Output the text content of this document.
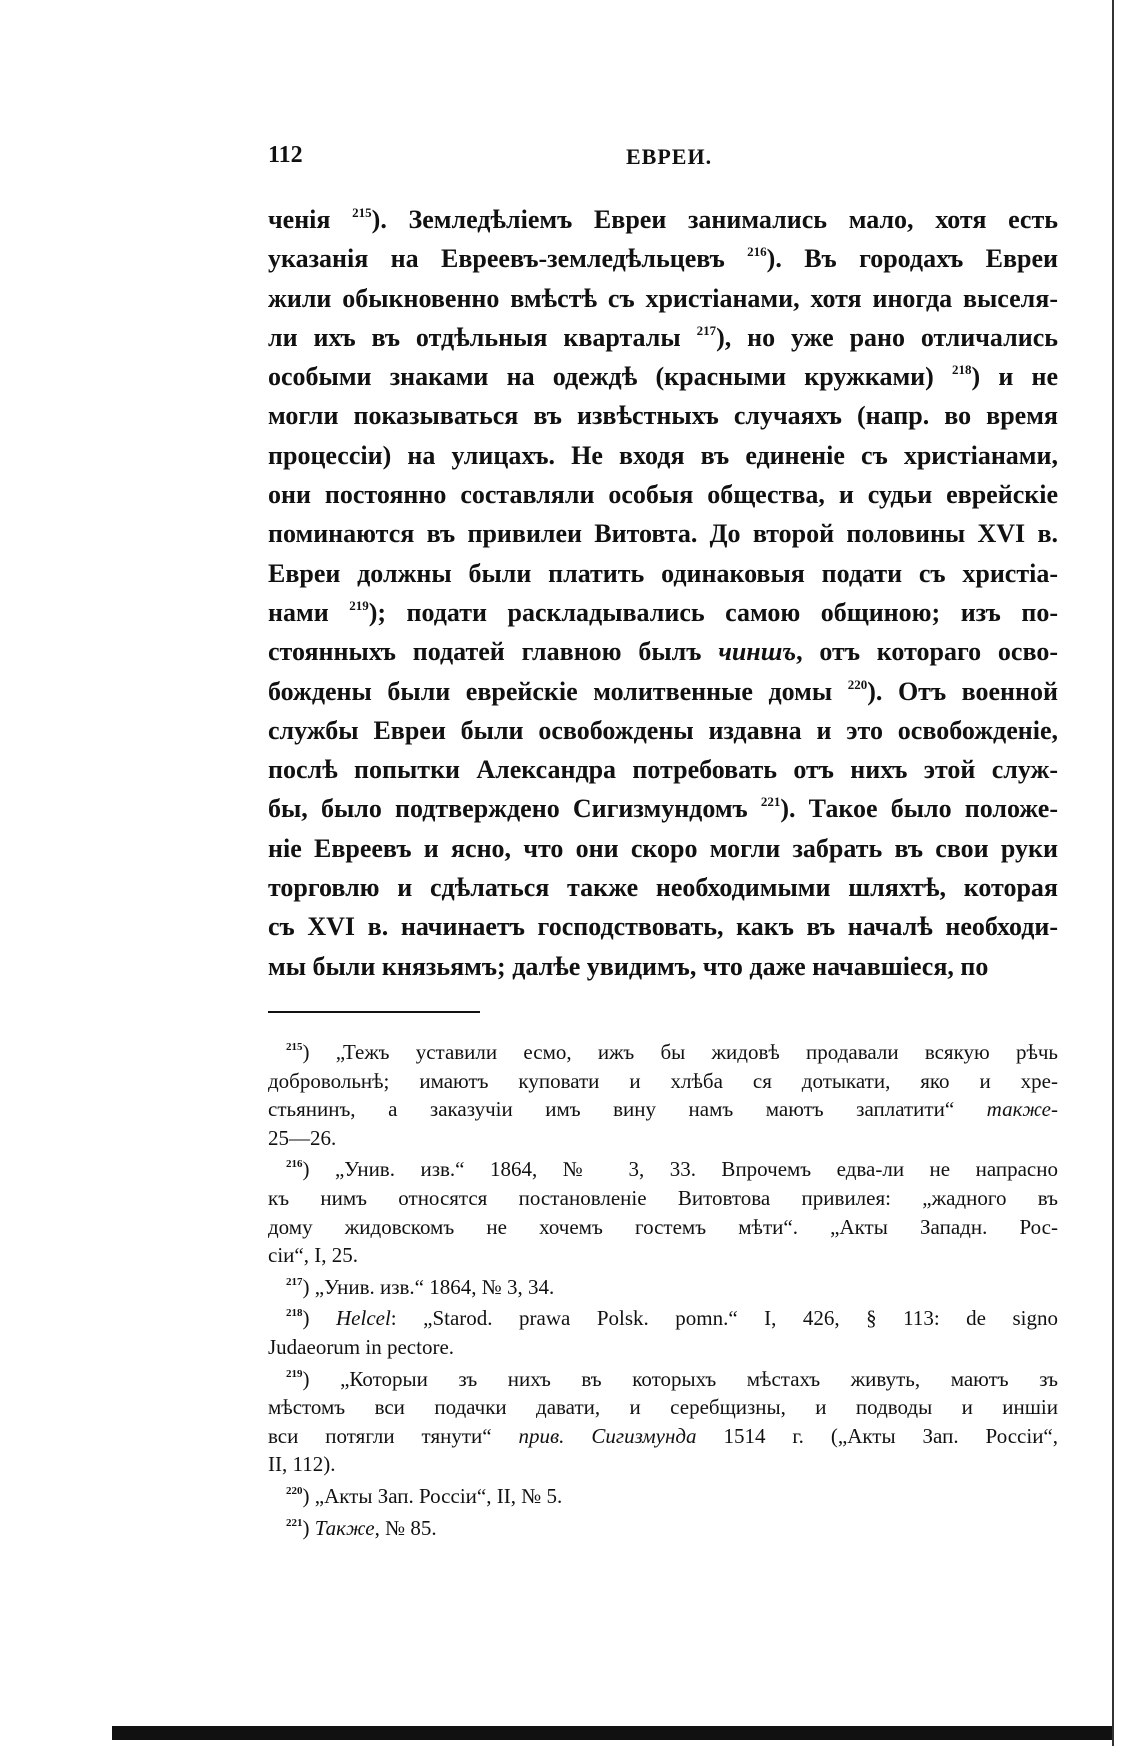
112	ЕВРЕИ.
ченія $^{215}$). Земледѣліемъ Евреи занимались мало, хотя есть
указанія на Евреевъ-земледѣльцевъ $^{216}$). Въ городахъ Евреи
жили обыкновенно вмѣстѣ съ христіанами, хотя иногда выселя-
ли ихъ въ отдѣльныя кварталы $^{217}$), но уже рано отличались
особыми знаками на одеждѣ (красными кружками) $^{218}$) и не
могли показываться въ извѣстныхъ случаяхъ (напр. во время
процессіи) на улицахъ. Не входя въ единеніе съ христіанами,
они постоянно составляли особыя общества, и судьи еврейскіе
поминаются въ привилеи Витовта. До второй половины XVI в.
Евреи должны были платить одинаковыя подати съ христіа-
нами $^{219}$); подати раскладывались самою общиною; изъ по-
стоянныхъ податей главною былъ чиншъ, отъ котораго осво-
бождены были еврейскіе молитвенные домы $^{220}$). Отъ военной
службы Евреи были освобождены издавна и это освобожденіе,
послѣ попытки Александра потребовать отъ нихъ этой служ-
бы, было подтверждено Сигизмундомъ $^{221}$). Такое было положе-
ніе Евреевъ и ясно, что они скоро могли забрать въ свои руки
торговлю и сдѣлаться также необходимыми шляхтѣ, которая
съ XVI в. начинаетъ господствовать, какъ въ началѣ необходи-
мы были князьямъ; далѣе увидимъ, что даже начавшіеся, по
$^{215}$) „Тежъ уставили есмо, ижъ бы жидовѣ продавали всякую рѣчь
добровольнѣ; имаютъ куповати и хлѣба ся дотыкати, яко и хре-
стьянинъ, а заказучіи имъ вину намъ маютъ заплатити“ также-
25—26.
$^{216}$) „Унив. изв.“ 1864, № 3, 33. Впрочемъ едва-ли не напрасно
къ нимъ относятся постановленіе Витовтова привилея: „жадного въ
дому жидовскомъ не хочемъ гостемъ мѣти“. „Акты Западн. Рос-
сіи“, I, 25.
$^{217}$) „Унив. изв.“ 1864, № 3, 34.
$^{218}$) Helcel: „Starod. prawa Polsk. pomn.“ I, 426, § 113: de signo
Judaeorum in pectore.
$^{219}$) „Которыи зъ нихъ въ которыхъ мѣстахъ живуть, маютъ зъ
мѣстомъ вси подачки давати, и серебщизны, и подводы и иншіи
вси потягли тянути“ прив. Сигизмунда 1514 г. („Акты Зап. Россіи“,
II, 112).
$^{220}$) „Акты Зап. Россіи“, II, № 5.
$^{221}$) Также, № 85.
